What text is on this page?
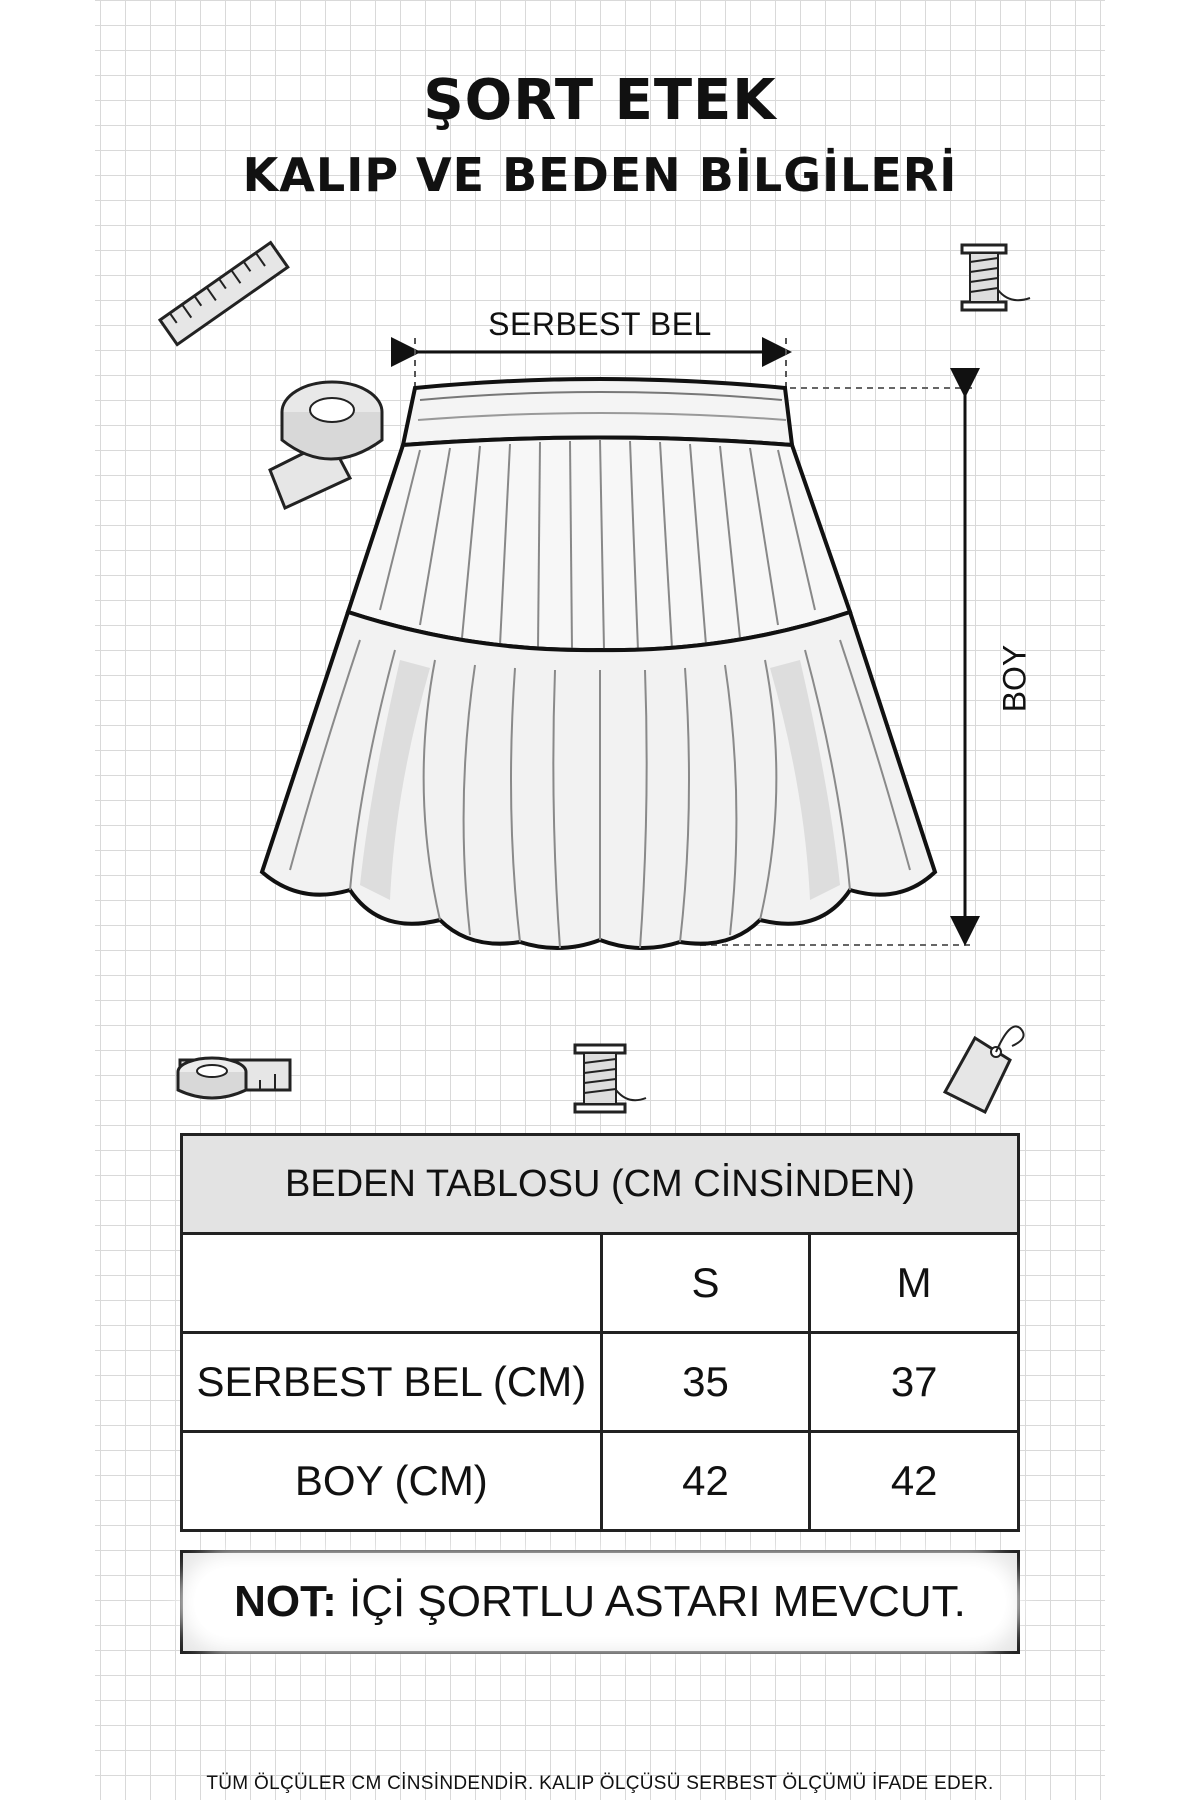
ŞORT ETEK
KALIP VE BEDEN BİLGİLERİ
SERBEST BEL
BOY
BEDEN TABLOSU (CM CİNSİNDEN)		
	S	M
SERBEST BEL (CM)	35	37
BOY (CM)	42	42
NOT: İÇİ ŞORTLU ASTARI MEVCUT.
TÜM ÖLÇÜLER CM CİNSİNDENDİR. KALIP ÖLÇÜSÜ SERBEST ÖLÇÜMÜ İFADE EDER.
